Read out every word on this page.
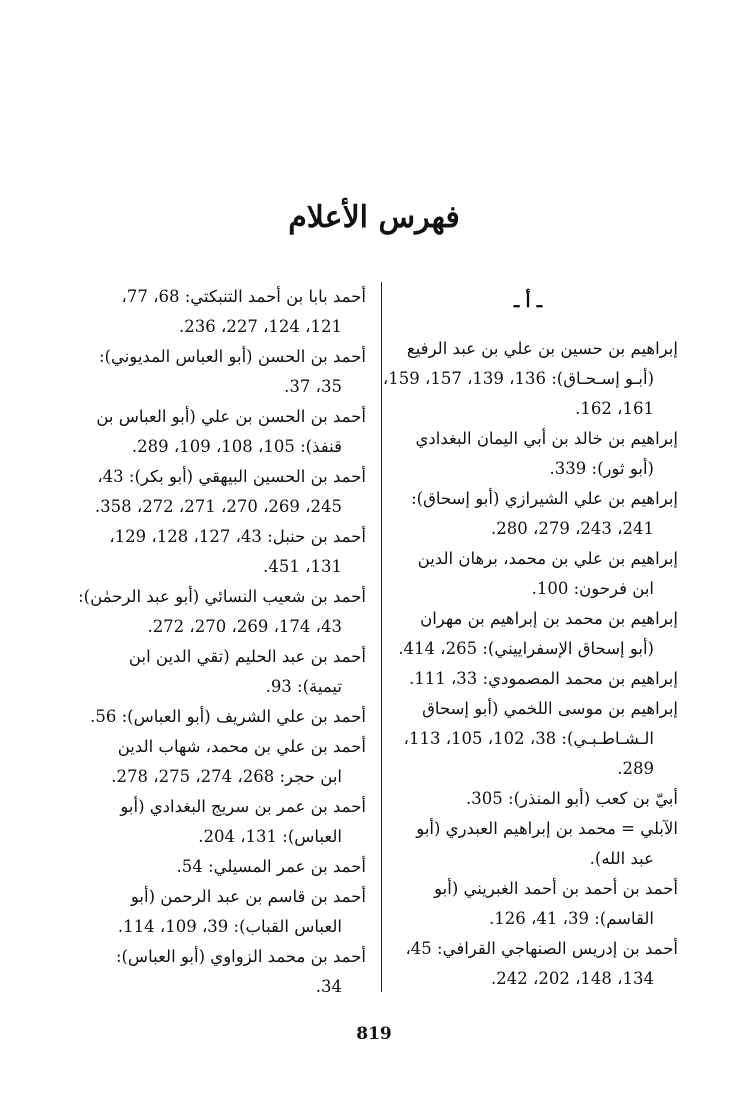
فهرس الأعلام
ـ أ ـ
إبراهيم بن حسين بن علي بن عبد الرفيع
(أبـو إسـحـاق): 136، 139، 157، 159، 161، 162.
إبراهيم بن خالد بن أبي اليمان البغدادي
(أبو ثور): 339.
إبراهيم بن علي الشيرازي (أبو إسحاق):
241، 243، 279، 280.
إبراهيم بن علي بن محمد، برهان الدين
ابن فرحون: 100.
إبراهيم بن محمد بن إبراهيم بن مهران
(أبو إسحاق الإسفراييني): 265، 414.
إبراهيم بن محمد المصمودي: 33، 111.
إبراهيم بن موسى اللخمي (أبو إسحاق
الـشـاطـبـي): 38، 102، 105، 113، 289.
أبيّ بن كعب (أبو المنذر): 305.
الآبلي = محمد بن إبراهيم العبدري (أبو
عبد الله).
أحمد بن أحمد بن أحمد الغبريني (أبو
القاسم): 39، 41، 126.
أحمد بن إدريس الصنهاجي القرافي: 45،
134، 148، 202، 242.
أحمد بابا بن أحمد التنبكتي: 68، 77،
121، 124، 227، 236.
أحمد بن الحسن (أبو العباس المديوني):
35، 37.
أحمد بن الحسن بن علي (أبو العباس بن
قنفذ): 105، 108، 109، 289.
أحمد بن الحسين البيهقي (أبو بكر): 43،
245، 269، 270، 271، 272، 358.
أحمد بن حنبل: 43، 127، 128، 129،
131، 451.
أحمد بن شعيب النسائي (أبو عبد الرحمٰن):
43، 174، 269، 270، 272.
أحمد بن عبد الحليم (تقي الدين ابن
تيمية): 93.
أحمد بن علي الشريف (أبو العباس): 56.
أحمد بن علي بن محمد، شهاب الدين
ابن حجر: 268، 274، 275، 278.
أحمد بن عمر بن سريج البغدادي (أبو
العباس): 131، 204.
أحمد بن عمر المسيلي: 54.
أحمد بن قاسم بن عبد الرحمن (أبو
العباس القباب): 39، 109، 114.
أحمد بن محمد الزواوي (أبو العباس):
34.
819
